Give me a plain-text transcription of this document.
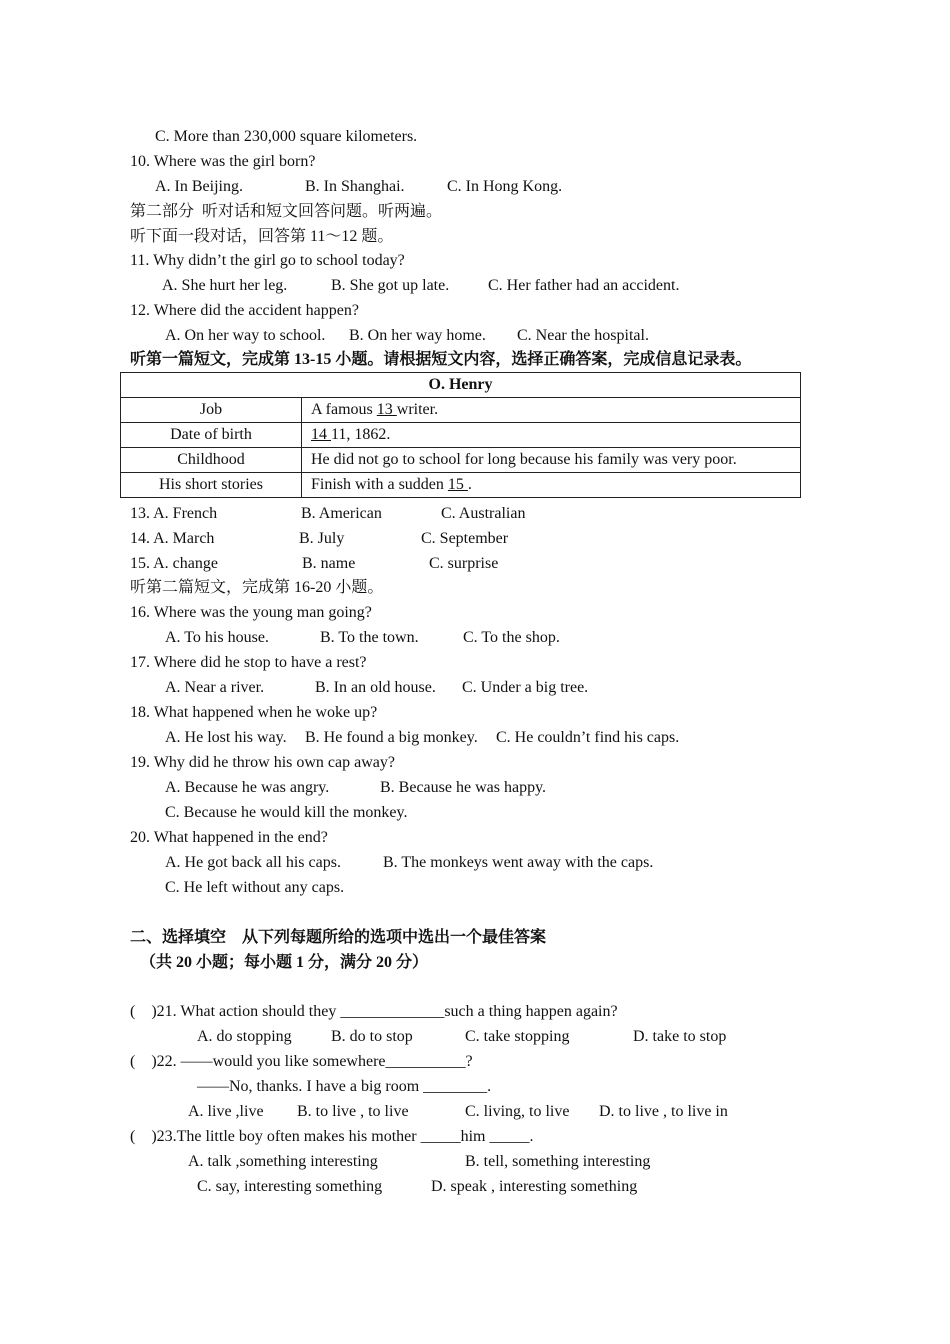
C. More than 230,000 square kilometers.
10. Where was the girl born?
A. In Beijing.	B. In Shanghai.	C. In Hong Kong.
第二部分  听对话和短文回答问题。听两遍。
听下面一段对话，回答第 11～12 题。
11. Why didn’t the girl go to school today?
A. She hurt her leg.	B. She got up late. C. Her father had an accident.
12. Where did the accident happen?
A. On her way to school. B. On her way home. C. Near the hospital.
听第一篇短文，完成第 13-15 小题。请根据短文内容，选择正确答案，完成信息记录表。
O. Henry	
Job	A famous 13 writer.
Date of birth	14 11, 1862.
Childhood	He did not go to school for long because his family was very poor.
His short stories	Finish with a sudden 15 .
13. A. French	B. American	C. Australian
14. A. March	B. July	C. September
15. A. change	B. name	C. surprise
听第二篇短文，完成第 16-20 小题。
16. Where was the young man going?
A. To his house.	B. To the town.	C. To the shop.
17. Where did he stop to have a rest?
A. Near a river.	B. In an old house. C. Under a big tree.
18. What happened when he woke up?
A. He lost his way. B. He found a big monkey. C. He couldn’t find his caps.
19. Why did he throw his own cap away?
A. Because he was angry.	B. Because he was happy.
C. Because he would kill the monkey.
20. What happened in the end?
A. He got back all his caps.	B. The monkeys went away with the caps.
C. He left without any caps.
二、选择填空    从下列每题所给的选项中选出一个最佳答案
（共 20 小题；每小题 1 分，满分 20 分）
(    )21. What action should they _____________such a thing happen again?
A. do stopping B. do to stop	C. take stopping	D. take to stop
(    )22. ——would you like somewhere__________?
——No, thanks. I have a big room ________.
A. live ,live B. to live , to live	C. living, to live D. to live , to live in
(    )23.The little boy often makes his mother _____him _____.
A. talk ,something interesting	B. tell, something interesting
C. say, interesting something	D. speak , interesting something
